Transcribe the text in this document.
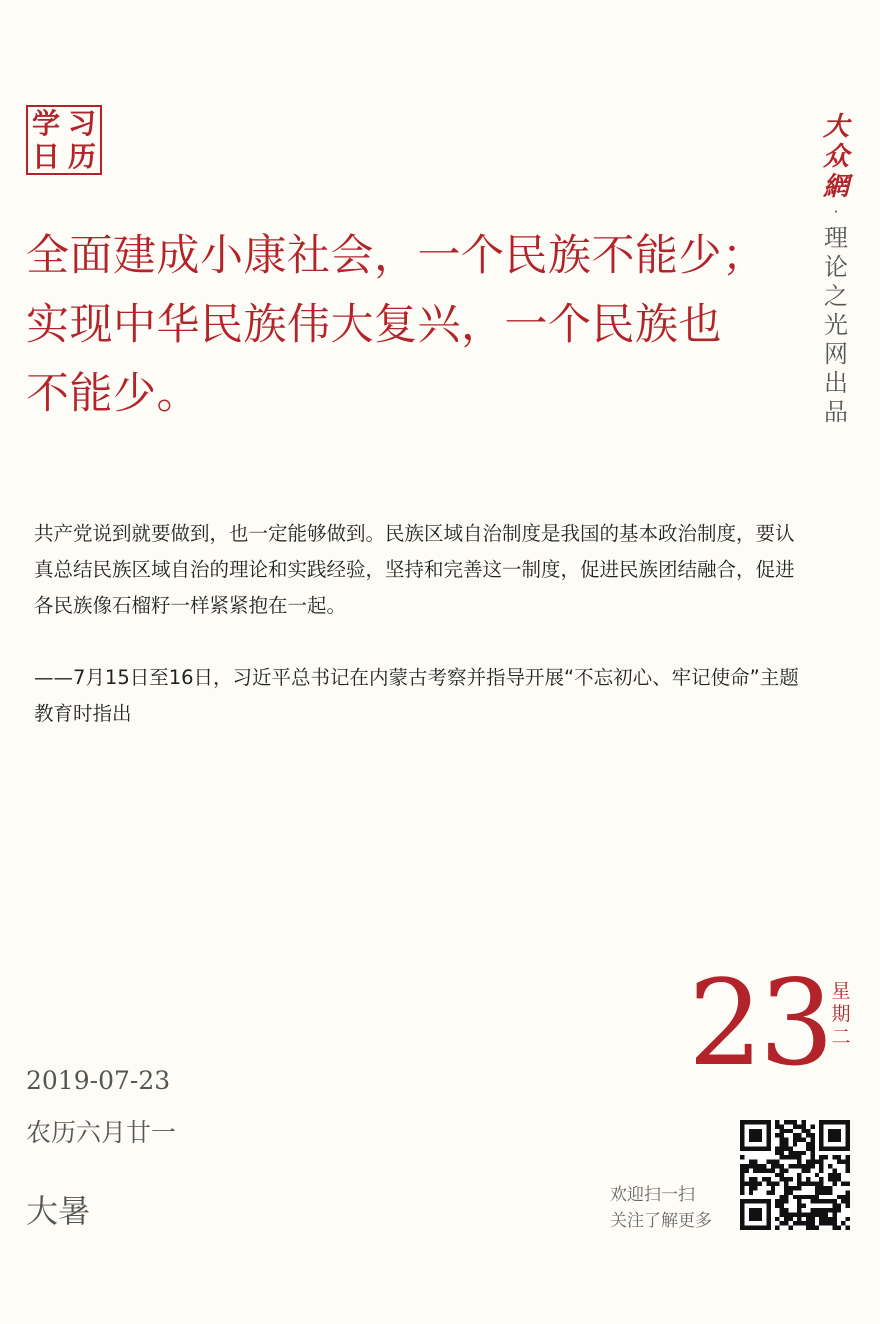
学 习
日 历
大
众
網
·
理
论
之
光
网
出
品
全面建成小康社会，一个民族不能少；
实现中华民族伟大复兴，一个民族也
不能少。

共产党说到就要做到，也一定能够做到。民族区域自治制度是我国的基本政治制度，要认真总结民族区域自治的理论和实践经验，坚持和完善这一制度，促进民族团结融合，促进各民族像石榴籽一样紧紧抱在一起。

——7月15日至16日，习近平总书记在内蒙古考察并指导开展“不忘初心、牢记使命”主题教育时指出

2019-07-23
农历六月廿一
大暑
23 星
期
二
欢迎扫一扫
关注了解更多
